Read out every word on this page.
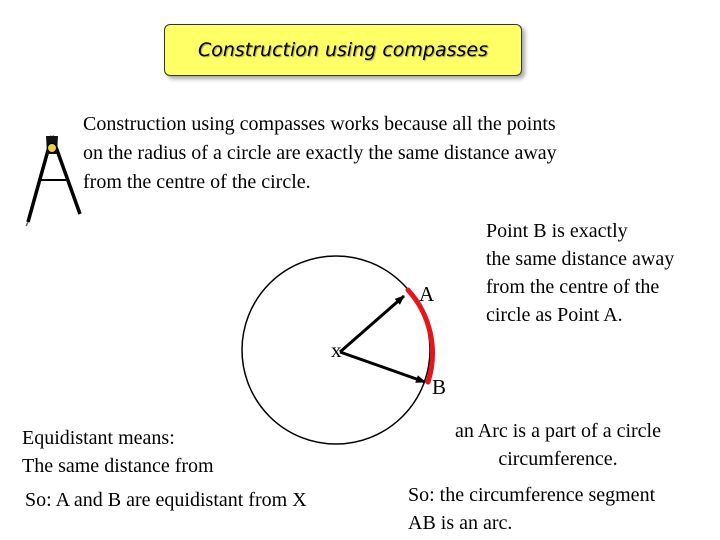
Construction using compasses
Construction using compasses works because all the points
on the radius of a circle are exactly the same distance away
from the centre of the circle.
A
x
B
Point B is exactly
the same distance away
from the centre of the
circle as Point A.
Equidistant means:
The same distance from
So: A and B are equidistant from X
an Arc is a part of a circle
circumference.
So: the circumference segment
AB is an arc.
